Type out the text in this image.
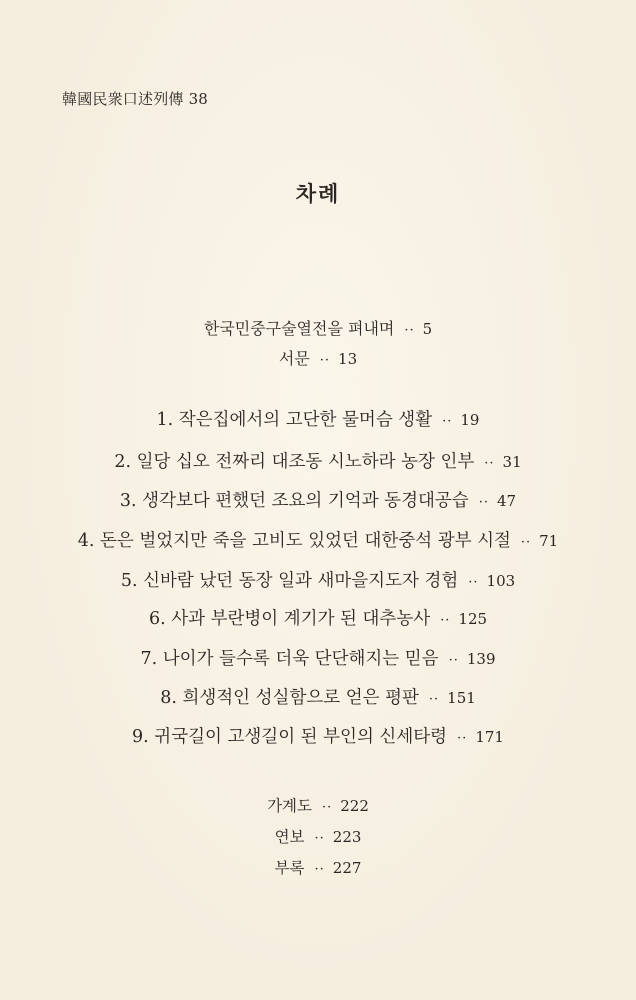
韓國民衆口述列傳 38
차례
한국민중구술열전을 펴내며 ·· 5
서문 ·· 13
1. 작은집에서의 고단한 물머슴 생활 ·· 19
2. 일당 십오 전짜리 대조동 시노하라 농장 인부 ·· 31
3. 생각보다 편했던 조요의 기억과 동경대공습 ·· 47
4. 돈은 벌었지만 죽을 고비도 있었던 대한중석 광부 시절 ·· 71
5. 신바람 났던 동장 일과 새마을지도자 경험 ·· 103
6. 사과 부란병이 계기가 된 대추농사 ·· 125
7. 나이가 들수록 더욱 단단해지는 믿음 ·· 139
8. 희생적인 성실함으로 얻은 평판 ·· 151
9. 귀국길이 고생길이 된 부인의 신세타령 ·· 171
가계도 ·· 222
연보 ·· 223
부록 ·· 227
